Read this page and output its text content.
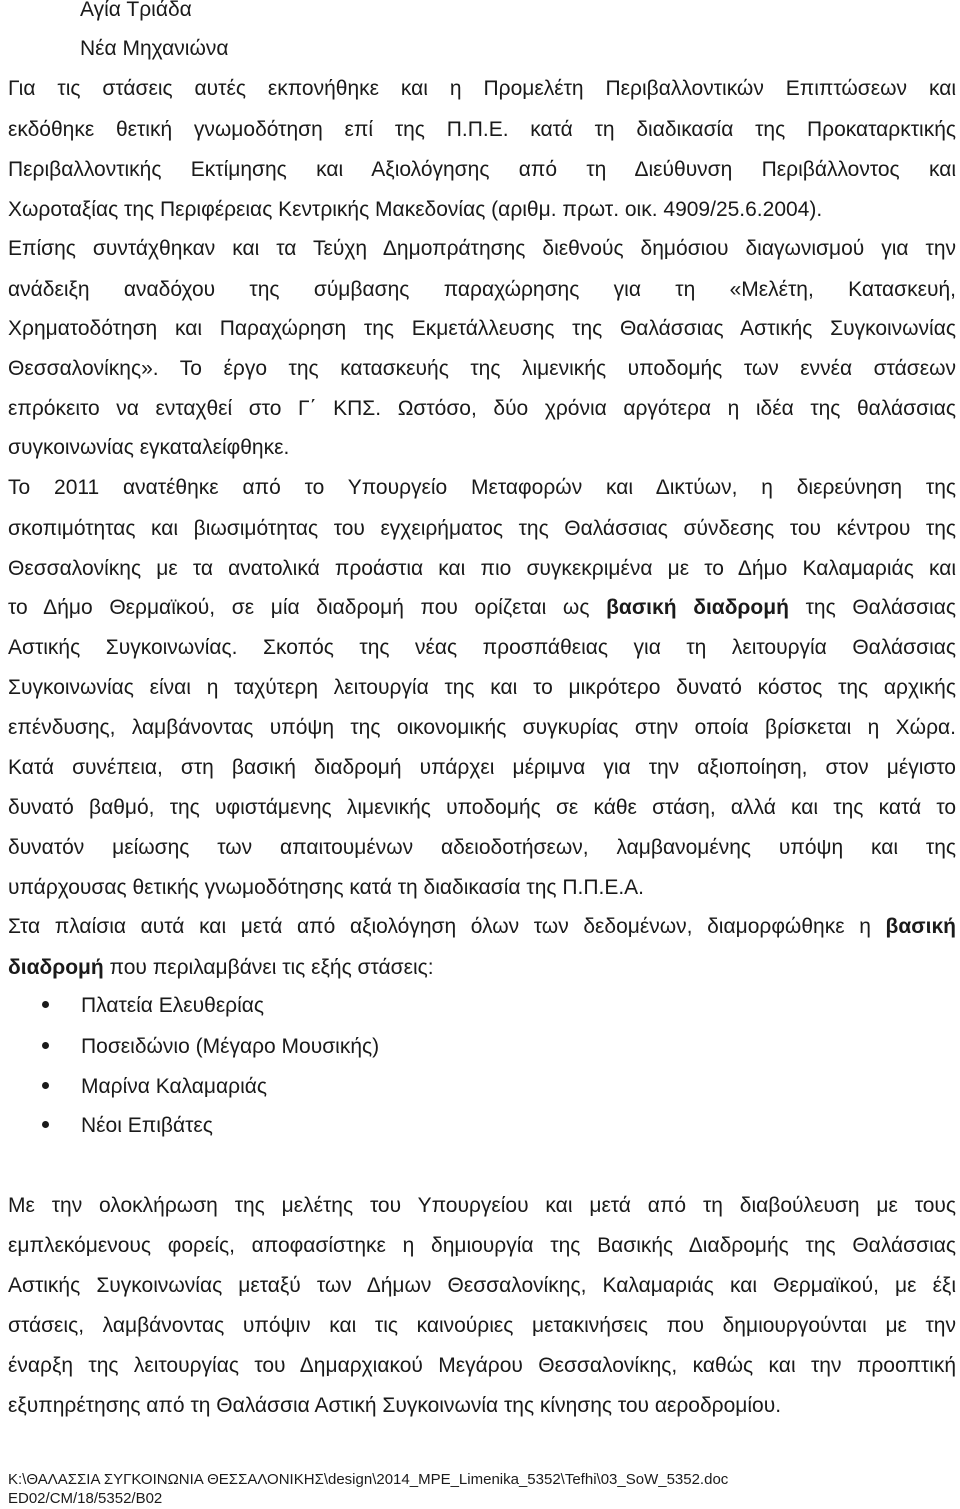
Αγία Τριάδα
Νέα Μηχανιώνα
Για τις στάσεις αυτές εκπονήθηκε και η Προμελέτη Περιβαλλοντικών Επιπτώσεων και
εκδόθηκε θετική γνωμοδότηση επί της Π.Π.Ε. κατά τη διαδικασία της Προκαταρκτικής
Περιβαλλοντικής Εκτίμησης και Αξιολόγησης από τη Διεύθυνση Περιβάλλοντος και
Χωροταξίας της Περιφέρειας Κεντρικής Μακεδονίας (αριθμ. πρωτ. οικ. 4909/25.6.2004).
Επίσης συντάχθηκαν και τα Τεύχη Δημοπράτησης διεθνούς δημόσιου διαγωνισμού για την
ανάδειξη αναδόχου της σύμβασης παραχώρησης για τη «Μελέτη, Κατασκευή,
Χρηματοδότηση και Παραχώρηση της Εκμετάλλευσης της Θαλάσσιας Αστικής Συγκοινωνίας
Θεσσαλονίκης». Το έργο της κατασκευής της λιμενικής υποδομής των εννέα στάσεων
επρόκειτο να ενταχθεί στο Γ΄ ΚΠΣ. Ωστόσο, δύο χρόνια αργότερα η ιδέα της θαλάσσιας
συγκοινωνίας εγκαταλείφθηκε.
Το 2011 ανατέθηκε από το Υπουργείο Μεταφορών και Δικτύων, η διερεύνηση της
σκοπιμότητας και βιωσιμότητας του εγχειρήματος της Θαλάσσιας σύνδεσης του κέντρου της
Θεσσαλονίκης με τα ανατολικά προάστια και πιο συγκεκριμένα με το Δήμο Καλαμαριάς και
το Δήμο Θερμαϊκού, σε μία διαδρομή που ορίζεται ως βασική διαδρομή της Θαλάσσιας
Αστικής Συγκοινωνίας. Σκοπός της νέας προσπάθειας για τη λειτουργία Θαλάσσιας
Συγκοινωνίας είναι η ταχύτερη λειτουργία της και το μικρότερο δυνατό κόστος της αρχικής
επένδυσης, λαμβάνοντας υπόψη της οικονομικής συγκυρίας στην οποία βρίσκεται η Χώρα.
Κατά συνέπεια, στη βασική διαδρομή υπάρχει μέριμνα για την αξιοποίηση, στον μέγιστο
δυνατό βαθμό, της υφιστάμενης λιμενικής υποδομής σε κάθε στάση, αλλά και της κατά το
δυνατόν μείωσης των απαιτουμένων αδειοδοτήσεων, λαμβανομένης υπόψη και της
υπάρχουσας θετικής γνωμοδότησης κατά τη διαδικασία της Π.Π.Ε.Α.
Στα πλαίσια αυτά και μετά από αξιολόγηση όλων των δεδομένων, διαμορφώθηκε η βασική
διαδρομή που περιλαμβάνει τις εξής στάσεις:
Πλατεία Ελευθερίας
Ποσειδώνιο (Μέγαρο Μουσικής)
Μαρίνα Καλαμαριάς
Νέοι Επιβάτες
Με την ολοκλήρωση της μελέτης του Υπουργείου και μετά από τη διαβούλευση με τους
εμπλεκόμενους φορείς, αποφασίστηκε η δημιουργία της Βασικής Διαδρομής της Θαλάσσιας
Αστικής Συγκοινωνίας μεταξύ των Δήμων Θεσσαλονίκης, Καλαμαριάς και Θερμαϊκού, με έξι
στάσεις, λαμβάνοντας υπόψιν και τις καινούριες μετακινήσεις που δημιουργούνται με την
έναρξη της λειτουργίας του Δημαρχιακού Μεγάρου Θεσσαλονίκης, καθώς και την προοπτική
εξυπηρέτησης από τη Θαλάσσια Αστική Συγκοινωνία της κίνησης του αεροδρομίου.
K:\ΘΑΛΑΣΣΙΑ ΣΥΓΚΟΙΝΩΝΙΑ ΘΕΣΣΑΛΟΝΙΚΗΣ\design\2014_MPE_Limenika_5352\Tefhi\03_SoW_5352.doc
ED02/CM/18/5352/B02
